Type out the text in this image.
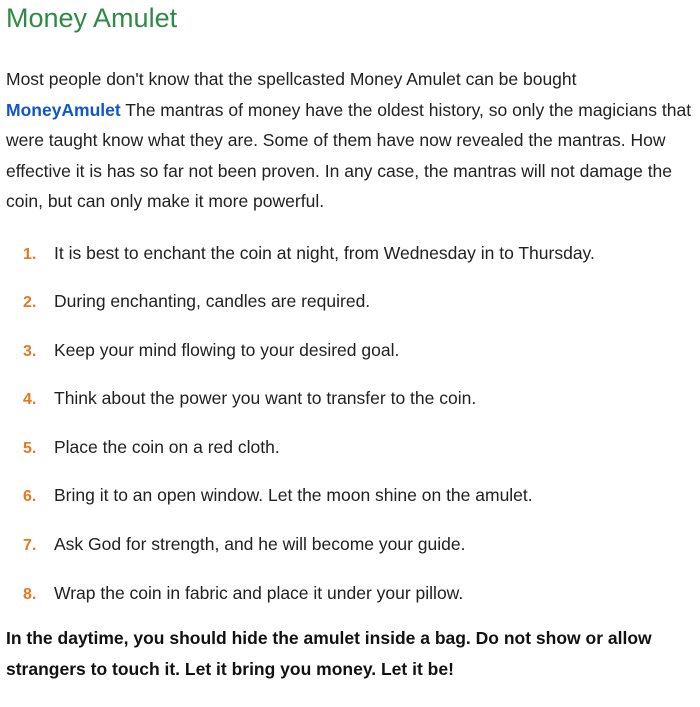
Money Amulet

Most people don't know that the spellcasted Money Amulet can be bought MoneyAmulet The mantras of money have the oldest history, so only the magicians that were taught know what they are. Some of them have now revealed the mantras. How effective it is has so far not been proven. In any case, the mantras will not damage the coin, but can only make it more powerful.

1.	It is best to enchant the coin at night, from Wednesday in to Thursday.
2.	During enchanting, candles are required.
3.	Keep your mind flowing to your desired goal.
4.	Think about the power you want to transfer to the coin.
5.	Place the coin on a red cloth.
6.	Bring it to an open window. Let the moon shine on the amulet.
7.	Ask God for strength, and he will become your guide.
8.	Wrap the coin in fabric and place it under your pillow.

In the daytime, you should hide the amulet inside a bag. Do not show or allow strangers to touch it. Let it bring you money. Let it be!
